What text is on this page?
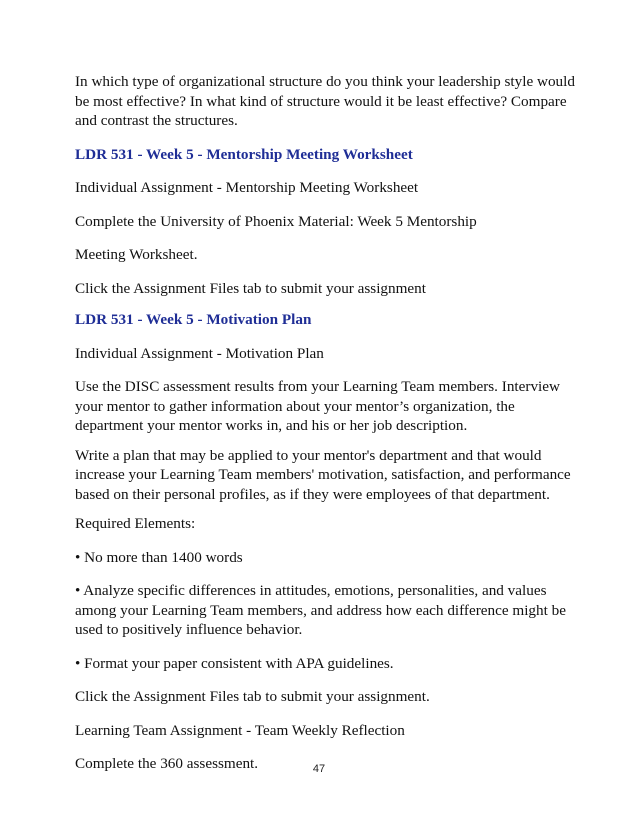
In which type of organizational structure do you think your leadership style would
be most effective? In what kind of structure would it be least effective? Compare
and contrast the structures.

LDR 531 - Week 5 - Mentorship Meeting Worksheet

Individual Assignment - Mentorship Meeting Worksheet

Complete the University of Phoenix Material: Week 5 Mentorship

Meeting Worksheet.

Click the Assignment Files tab to submit your assignment

LDR 531 - Week 5 - Motivation Plan

Individual Assignment - Motivation Plan

Use the DISC assessment results from your Learning Team members. Interview
your mentor to gather information about your mentor’s organization, the
department your mentor works in, and his or her job description.

Write a plan that may be applied to your mentor's department and that would
increase your Learning Team members' motivation, satisfaction, and performance
based on their personal profiles, as if they were employees of that department.

Required Elements:

• No more than 1400 words

• Analyze specific differences in attitudes, emotions, personalities, and values
among your Learning Team members, and address how each difference might be
used to positively influence behavior.

• Format your paper consistent with APA guidelines.

Click the Assignment Files tab to submit your assignment.

Learning Team Assignment - Team Weekly Reflection

Complete the 360 assessment.	47
